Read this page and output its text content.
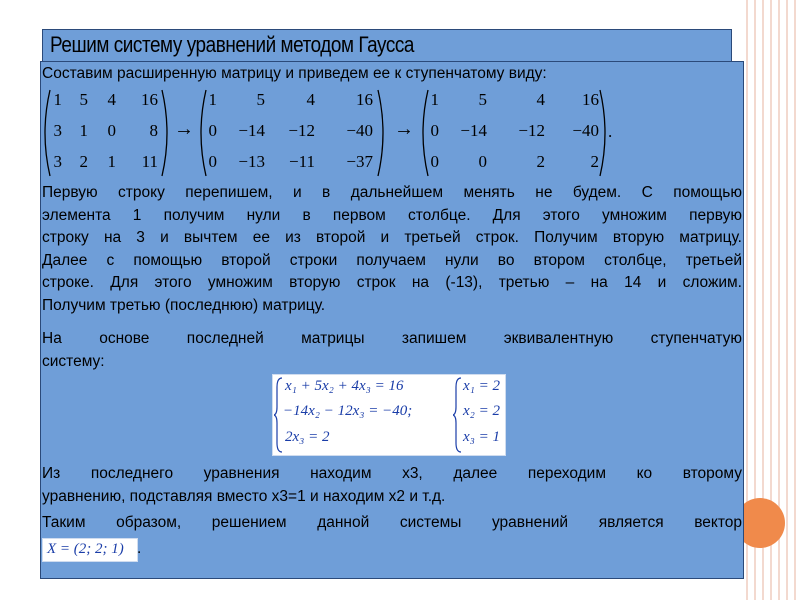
Решим систему уравнений методом Гаусса
Составим расширенную матрицу и приведем ее к ступенчатому виду:
1	5	4	16
3	1	0	8
3	2	1	11
→
1	5	4	16
0	−14	−12	−40
0	−13	−11	−37
→
1	5	4	16
0	−14	−12	−40
0	0	2	2
.
Первую строку перепишем, и в дальнейшем менять не будем. С помощью
элемента 1 получим нули в первом столбце. Для этого умножим первую
строку на 3 и вычтем ее из второй и третьей строк. Получим вторую матрицу.
Далее с помощью второй строки получаем нули во втором столбце, третьей
строке. Для этого умножим вторую строк на (-13), третью – на 14 и сложим.
Получим третью (последнюю) матрицу.
На основе последней матрицы запишем эквивалентную ступенчатую
систему:
x₁ + 5x₂ + 4x₃ = 16
−14x₂ − 12x₃ = −40;
2x₃ = 2
x₁ = 2
x₂ = 2
x₃ = 1
Из последнего уравнения находим х3, далее переходим ко второму
уравнению, подставляя вместо х3=1 и находим х2 и т.д.
Таким образом, решением данной системы уравнений является вектор
X = (2; 2; 1) .
